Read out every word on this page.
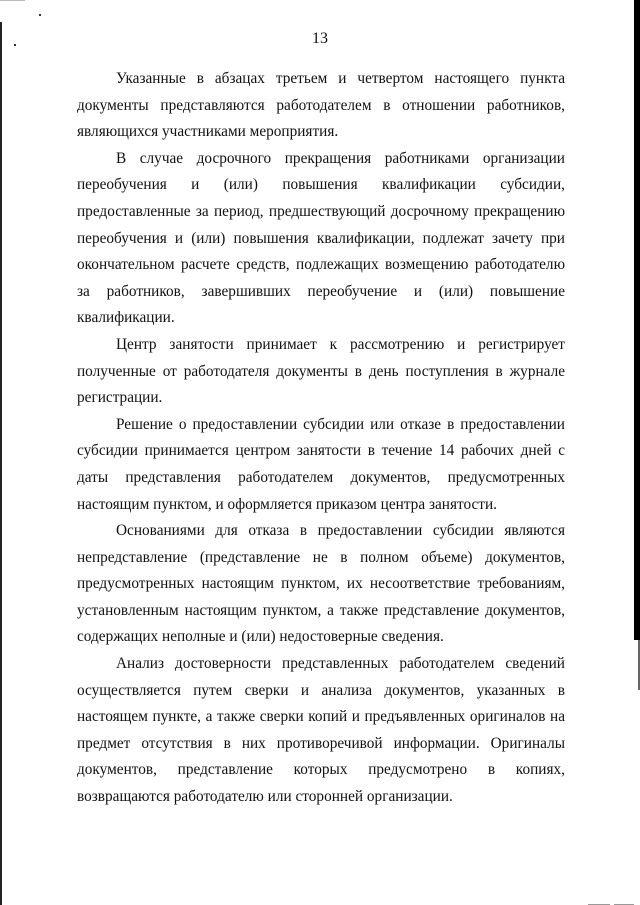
13

Указанные в абзацах третьем и четвертом настоящего пункта документы представляются работодателем в отношении работников, являющихся участниками мероприятия.

В случае досрочного прекращения работниками организации переобучения и (или) повышения квалификации субсидии, предоставленные за период, предшествующий досрочному прекращению переобучения и (или) повышения квалификации, подлежат зачету при окончательном расчете средств, подлежащих возмещению работодателю за работников, завершивших переобучение и (или) повышение квалификации.

Центр занятости принимает к рассмотрению и регистрирует полученные от работодателя документы в день поступления в журнале регистрации.

Решение о предоставлении субсидии или отказе в предоставлении субсидии принимается центром занятости в течение 14 рабочих дней с даты представления работодателем документов, предусмотренных настоящим пунктом, и оформляется приказом центра занятости.

Основаниями для отказа в предоставлении субсидии являются непредставление (представление не в полном объеме) документов, предусмотренных настоящим пунктом, их несоответствие требованиям, установленным настоящим пунктом, а также представление документов, содержащих неполные и (или) недостоверные сведения.

Анализ достоверности представленных работодателем сведений осуществляется путем сверки и анализа документов, указанных в настоящем пункте, а также сверки копий и предъявленных оригиналов на предмет отсутствия в них противоречивой информации. Оригиналы документов, представление которых предусмотрено в копиях, возвращаются работодателю или сторонней организации.
